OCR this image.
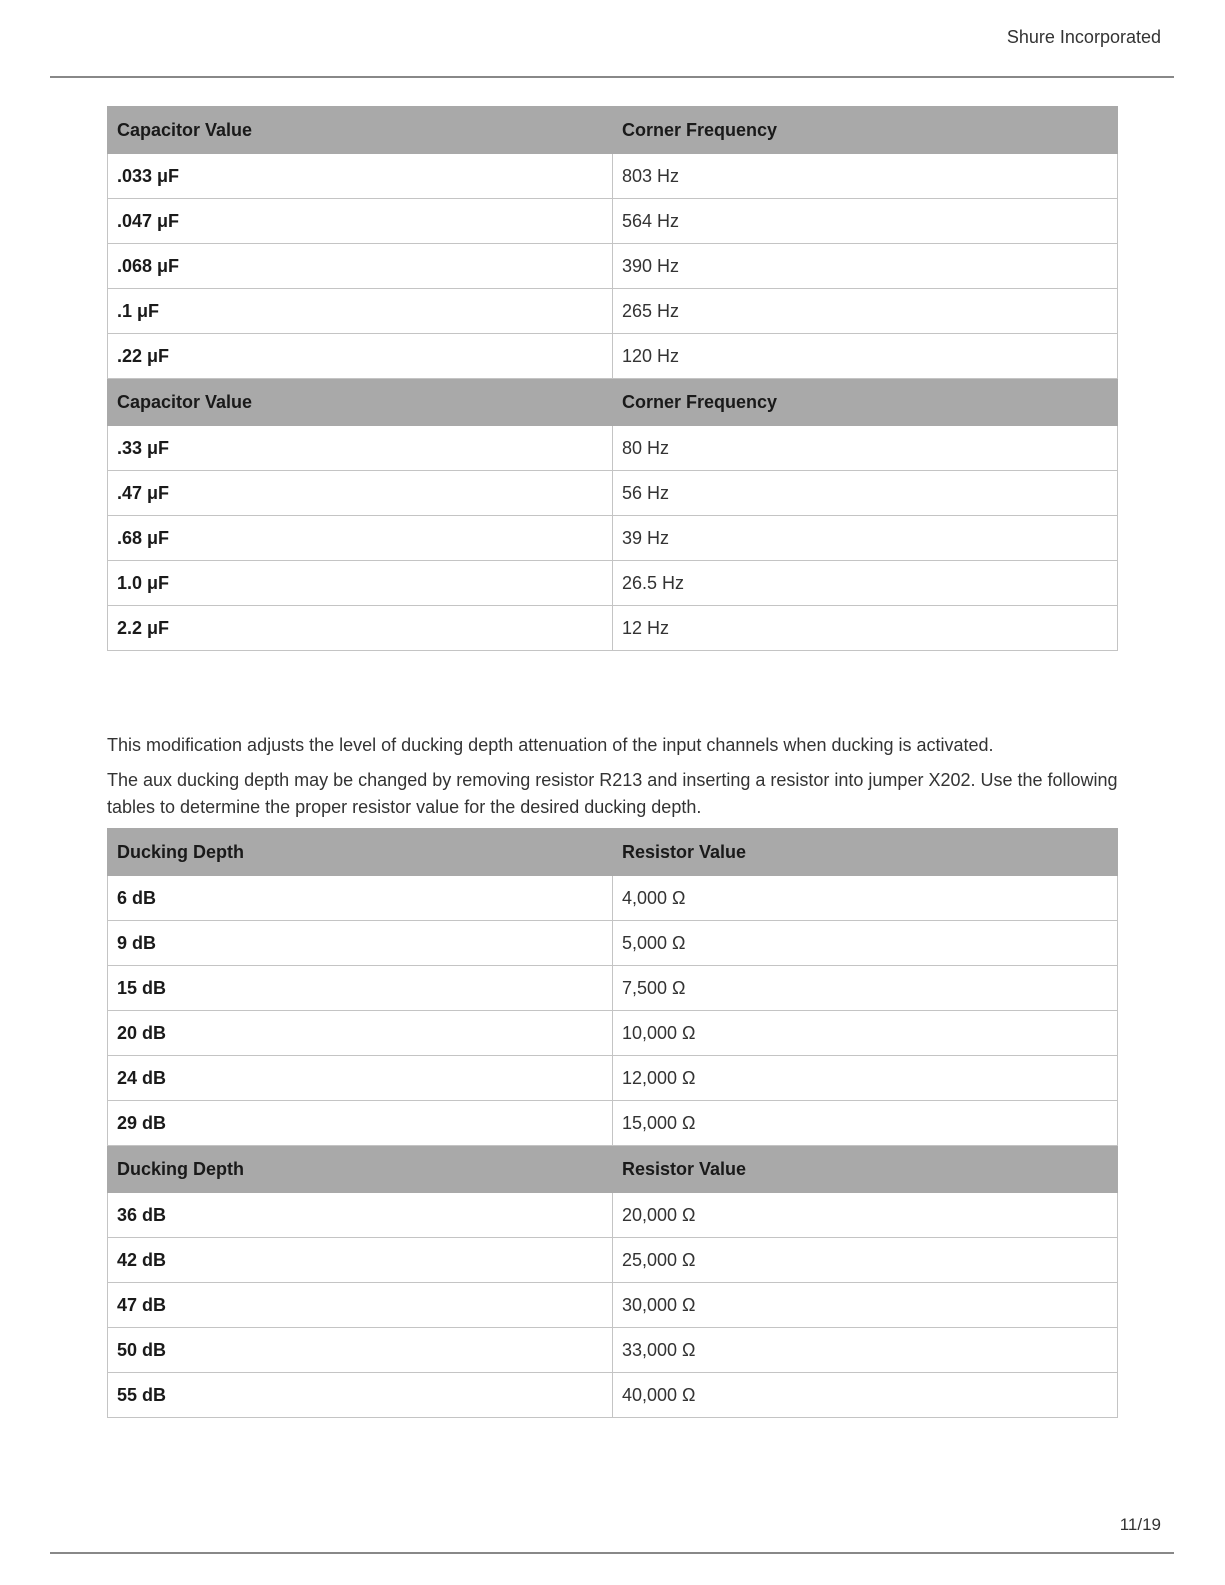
Shure Incorporated
Capacitor Value	Corner Frequency
.033 μF	803 Hz
.047 μF	564 Hz
.068 μF	390 Hz
.1 μF	265 Hz
.22 μF	120 Hz
Capacitor Value	Corner Frequency
.33 μF	80 Hz
.47 μF	56 Hz
.68 μF	39 Hz
1.0 μF	26.5 Hz
2.2 μF	12 Hz

This modification adjusts the level of ducking depth attenuation of the input channels when ducking is activated.

The aux ducking depth may be changed by removing resistor R213 and inserting a resistor into jumper X202. Use the following tables to determine the proper resistor value for the desired ducking depth.

Ducking Depth	Resistor Value
6 dB	4,000 Ω
9 dB	5,000 Ω
15 dB	7,500 Ω
20 dB	10,000 Ω
24 dB	12,000 Ω
29 dB	15,000 Ω
Ducking Depth	Resistor Value
36 dB	20,000 Ω
42 dB	25,000 Ω
47 dB	30,000 Ω
50 dB	33,000 Ω
55 dB	40,000 Ω
11/19
